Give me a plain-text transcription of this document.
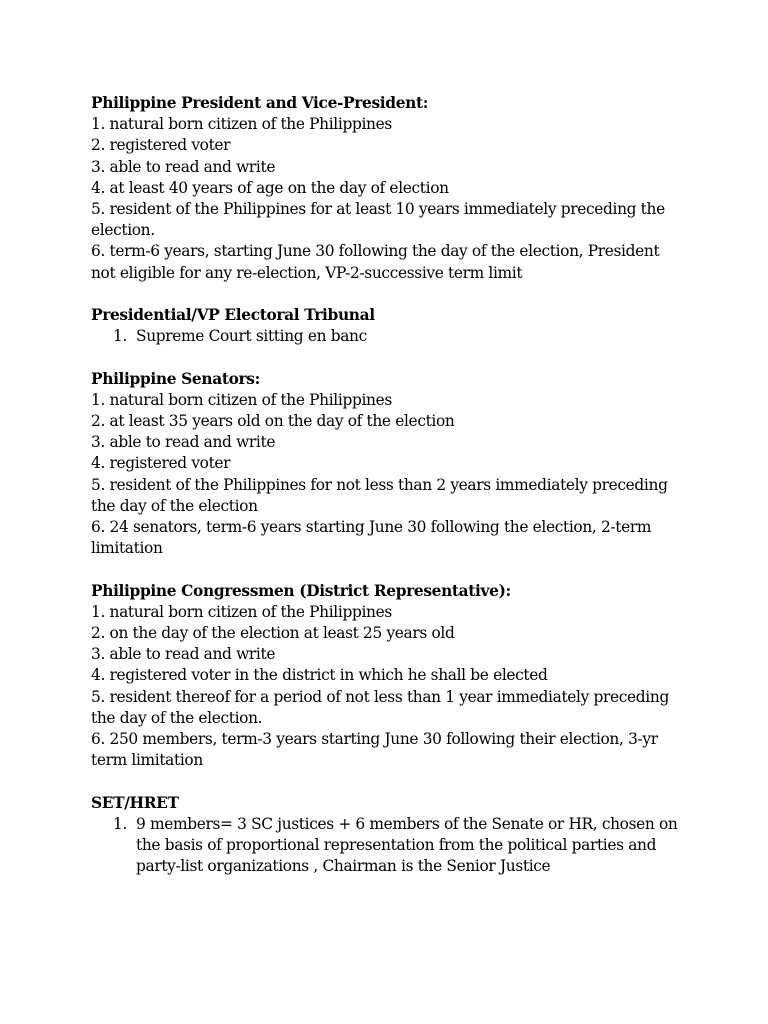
Philippine President and Vice-President:

1. natural born citizen of the Philippines

2. registered voter

3. able to read and write

4. at least 40 years of age on the day of election

5. resident of the Philippines for at least 10 years immediately preceding the

election.

6. term-6 years, starting June 30 following the day of the election, President

not eligible for any re-election, VP-2-successive term limit

Presidential/VP Electoral Tribunal

1. Supreme Court sitting en banc

Philippine Senators:

1. natural born citizen of the Philippines

2. at least 35 years old on the day of the election

3. able to read and write

4. registered voter

5. resident of the Philippines for not less than 2 years immediately preceding

the day of the election

6. 24 senators, term-6 years starting June 30 following the election, 2-term

limitation

Philippine Congressmen (District Representative):

1. natural born citizen of the Philippines

2. on the day of the election at least 25 years old

3. able to read and write

4. registered voter in the district in which he shall be elected

5. resident thereof for a period of not less than 1 year immediately preceding

the day of the election.

6. 250 members, term-3 years starting June 30 following their election, 3-yr

term limitation

SET/HRET

1. 9 members= 3 SC justices + 6 members of the Senate or HR, chosen on
the basis of proportional representation from the political parties and
party-list organizations , Chairman is the Senior Justice
